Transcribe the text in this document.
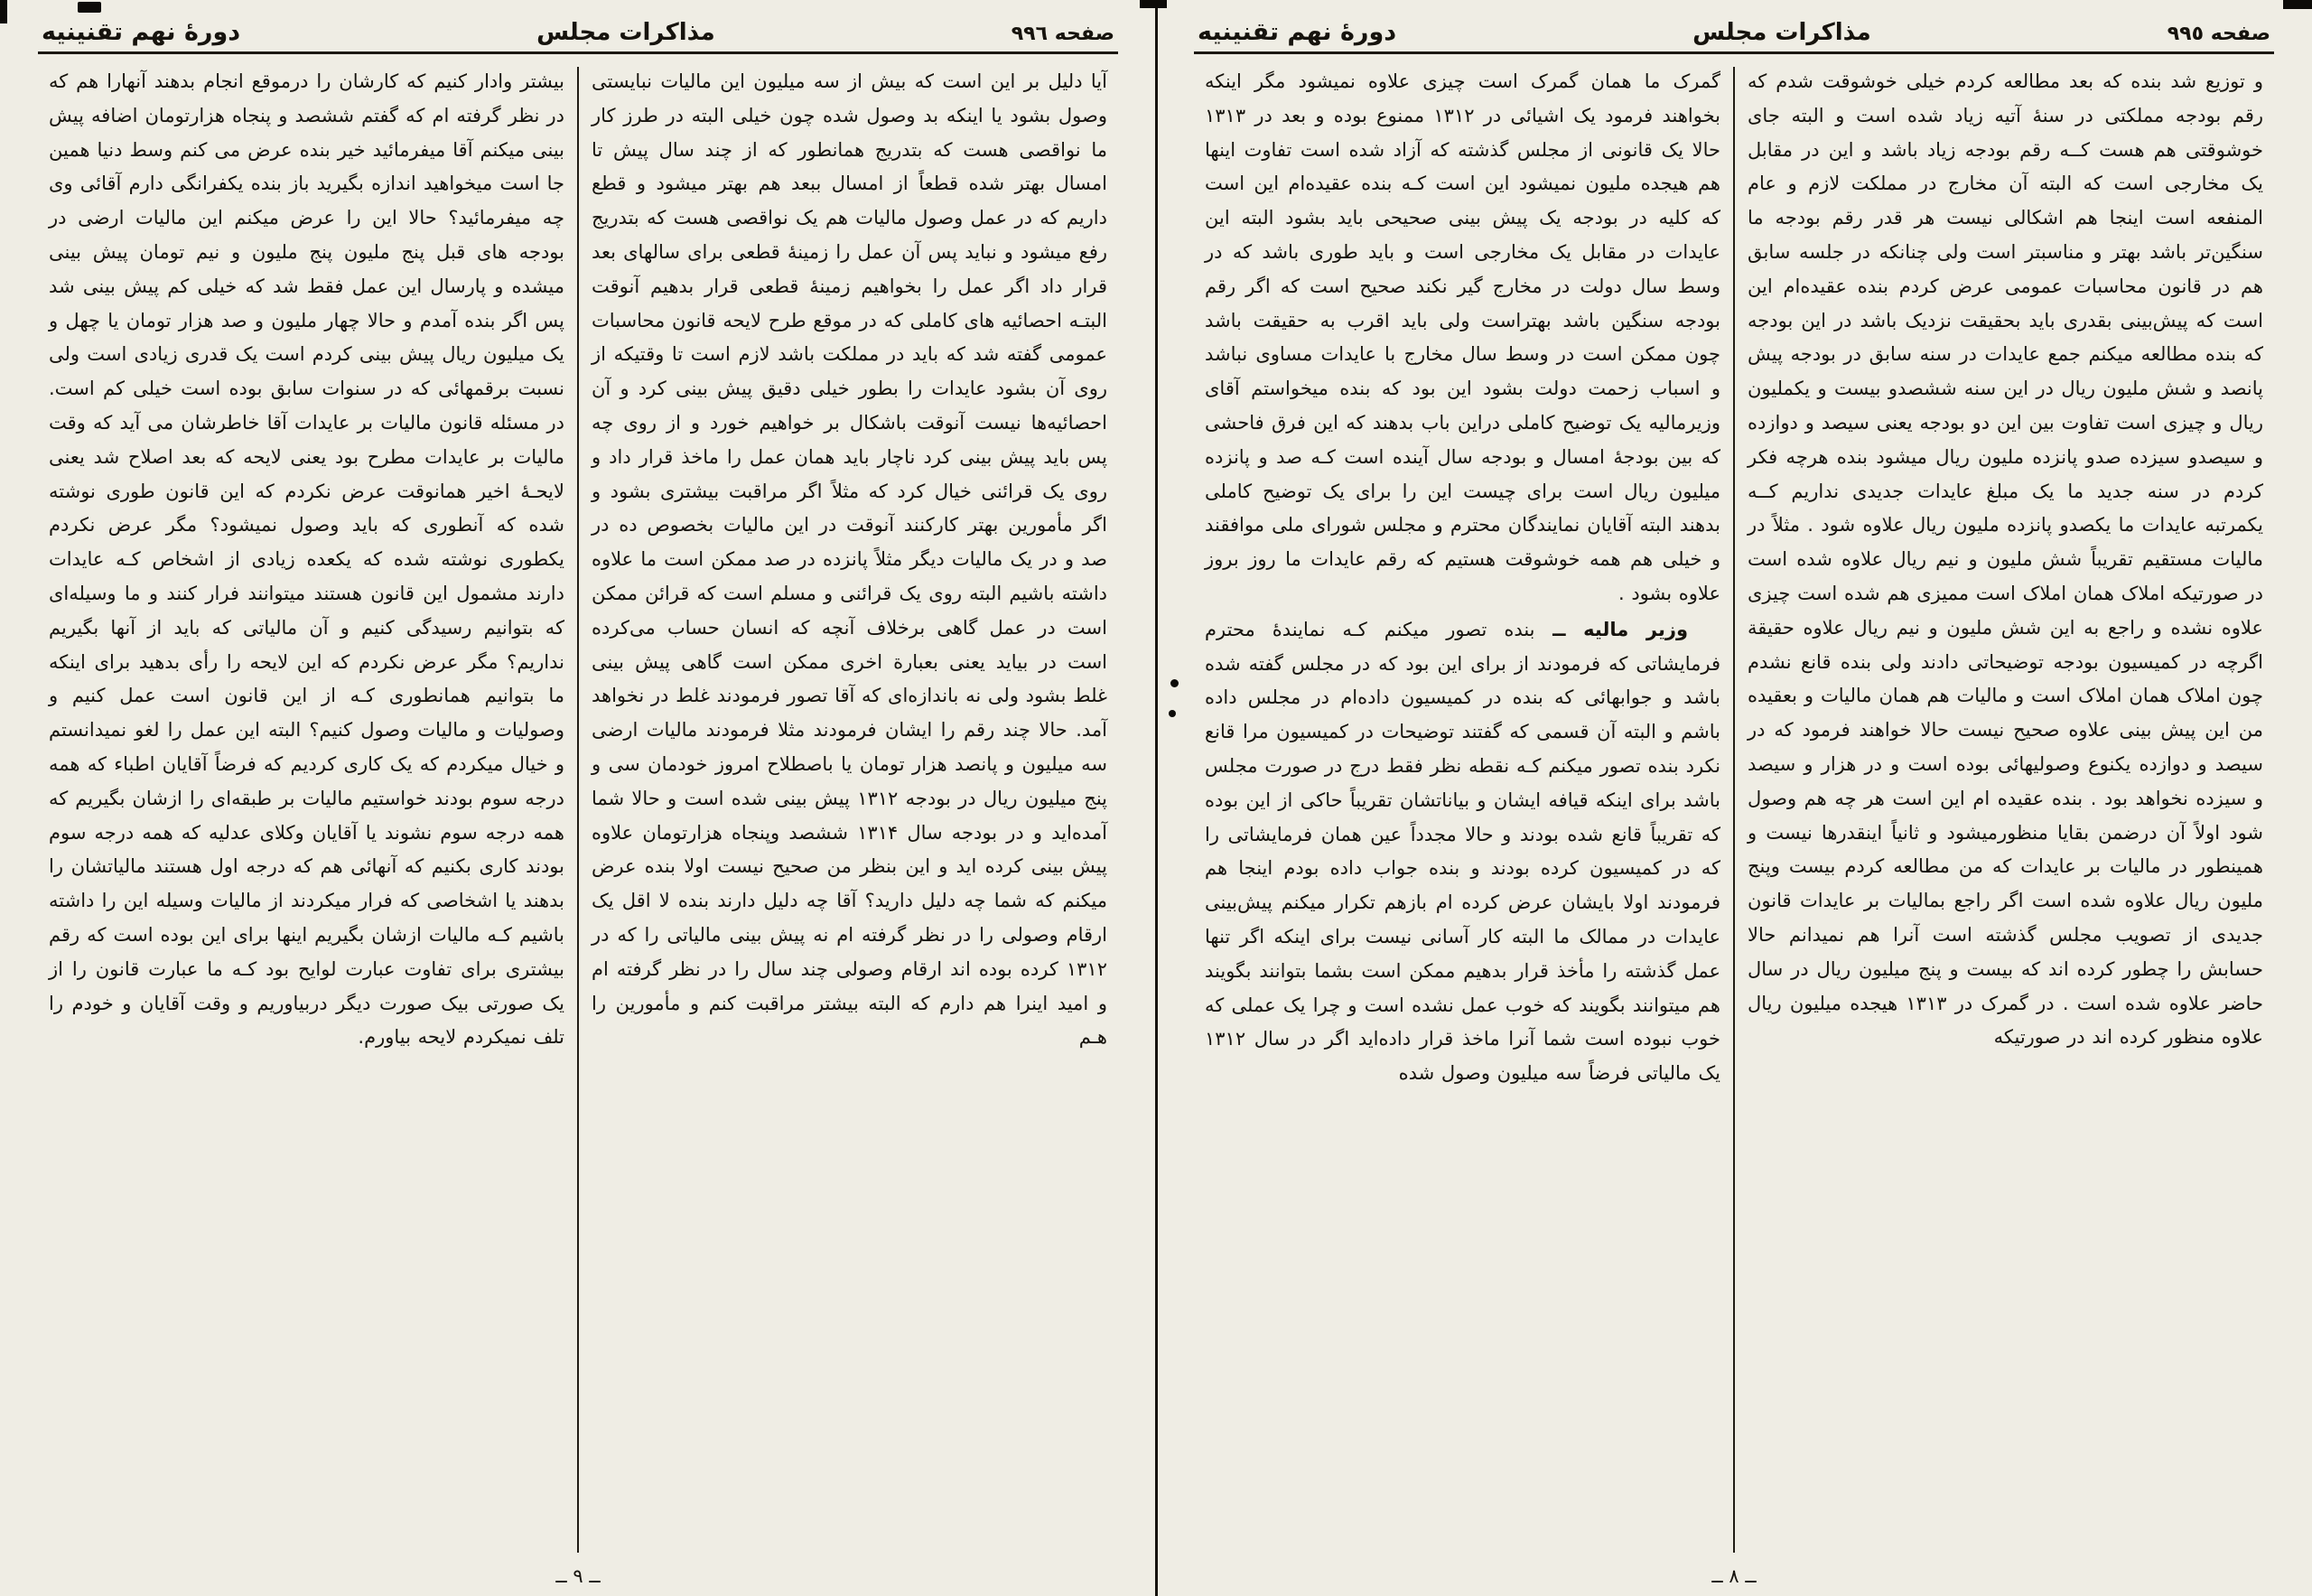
صفحه ٩٩٦
مذاکرات مجلس
دورهٔ نهم تقنینیه

آیا دلیل بر این است که بیش از سه میلیون این مالیات نبایستی وصول بشود یا اینکه بد وصول شده چون خیلی البته در طرز کار ما نواقصی هست که بتدریج همانطور که از چند سال پیش تا امسال بهتر شده قطعاً از امسال ببعد هم بهتر میشود و قطع داریم که در عمل وصول مالیات هم یک نواقصی هست که بتدریج رفع میشود و نباید پس آن عمل را زمینهٔ قطعی برای سالهای بعد قرار داد اگر عمل را بخواهیم زمینهٔ قطعی قرار بدهیم آنوقت البتـه احصائیه های کاملی که در موقع طرح لایحه قانون محاسبات عمومی گفته شد که باید در مملکت باشد لازم است تا وقتیکه از روی آن بشود عایدات را بطور خیلی دقیق پیش بینی کرد و آن احصائیه‌ها نیست آنوقت باشکال بر خواهیم خورد و از روی چه پس باید پیش بینی کرد ناچار باید همان عمل را ماخذ قرار داد و روی یک قرائنی خیال کرد که مثلاً اگر مراقبت بیشتری بشود و اگر مأمورین بهتر کارکنند آنوقت در این مالیات بخصوص ده در صد و در یک مالیات دیگر مثلاً پانزده در صد ممکن است ما علاوه داشته باشیم البته روی یک قرائنی و مسلم است که قرائن ممکن است در عمل گاهی برخلاف آنچه که انسان حساب می‌کرده است در بیاید یعنی بعبارة اخری ممکن است گاهی پیش بینی غلط بشود ولی نه باندازه‌ای که آقا تصور فرمودند غلط در نخواهد آمد. حالا چند رقم را ایشان فرمودند مثلا فرمودند مالیات ارضی سه میلیون و پانصد هزار تومان یا باصطلاح امروز خودمان سی و پنج میلیون ریال در بودجه ۱۳۱۲ پیش بینی شده است و حالا شما آمده‌اید و در بودجه سال ۱۳۱۴ ششصد وپنجاه هزارتومان علاوه پیش بینی کرده اید و این بنظر من صحیح نیست اولا بنده عرض میکنم که شما چه دلیل دارید؟ آقا چه دلیل دارند بنده لا اقل یک ارقام وصولی را در نظر گرفته ام نه پیش بینی مالیاتی را که در ۱۳۱۲ کرده بوده اند ارقام وصولی چند سال را در نظر گرفته ام و امید اینرا هم دارم که البته بیشتر مراقبت کنم و مأمورین را هـم

بیشتر وادار کنیم که کارشان را درموقع انجام بدهند آنهارا هم که در نظر گرفته ام که گفتم ششصد و پنجاه هزارتومان اضافه پیش بینی میکنم آقا میفرمائید خیر بنده عرض می کنم وسط دنیا همین جا است میخواهید اندازه بگیرید باز بنده یکفرانگی دارم آقائی وی چه میفرمائید؟ حالا این را عرض میکنم این مالیات ارضی در بودجه های قبل پنج ملیون پنج ملیون و نیم تومان پیش بینی میشده و پارسال این عمل فقط شد که خیلی کم پیش بینی شد پس اگر بنده آمدم و حالا چهار ملیون و صد هزار تومان یا چهل و یک میلیون ریال پیش بینی کردم است یک قدری زیادی است ولی نسبت برقمهائی که در سنوات سابق بوده است خیلی کم است. در مسئله قانون مالیات بر عایدات آقا خاطرشان می آید که وقت مالیات بر عایدات مطرح بود یعنی لایحه که بعد اصلاح شد یعنی لایحـهٔ اخیر همانوقت عرض نکردم که این قانون طوری نوشته شده که آنطوری که باید وصول نمیشود؟ مگر عرض نکردم یکطوری نوشته شده که یکعده زیادی از اشخاص کـه عایدات دارند مشمول این قانون هستند میتوانند فرار کنند و ما وسیله‌ای که بتوانیم رسیدگی کنیم و آن مالیاتی که باید از آنها بگیریم نداریم؟ مگر عرض نکردم که این لایحه را رأی بدهید برای اینکه ما بتوانیم همانطوری کـه از این قانون است عمل کنیم و وصولیات و مالیات وصول کنیم؟ البته این عمل را لغو نمیدانستم و خیال میکردم که یک کاری کردیم که فرضاً آقایان اطباء که همه درجه سوم بودند خواستیم مالیات بر طبقه‌ای را ازشان بگیریم که همه درجه سوم نشوند یا آقایان وکلای عدلیه که همه درجه سوم بودند کاری بکنیم که آنهائی هم که درجه اول هستند مالیاتشان را بدهند یا اشخاصی که فرار میکردند از مالیات وسیله این را داشته باشیم کـه مالیات ازشان بگیریم اینها برای این بوده است که رقم بیشتری برای تفاوت عبارت لوایح بود کـه ما عبارت قانون را از یک صورتی بیک صورت دیگر دربیاوریم و وقت آقایان و خودم را تلف نمیکردم لایحه بیاورم.

ــ ٩ ــ
صفحه ٩٩٥
مذاکرات مجلس
دورهٔ نهم تقنینیه

و توزیع شد بنده که بعد مطالعه کردم خیلی خوشوقت شدم که رقم بودجه مملکتی در سنهٔ آتیه زیاد شده است و البته جای خوشوقتی هم هست کــه رقم بودجه زیاد باشد و این در مقابل یک مخارجی است که البته آن مخارج در مملکت لازم و عام المنفعه است اینجا هم اشکالی نیست هر قدر رقم بودجه ما سنگین‌تر باشد بهتر و مناسبتر است ولی چنانکه در جلسه سابق هم در قانون محاسبات عمومی عرض کردم بنده عقیده‌ام این است که پیش‌بینی بقدری باید بحقیقت نزدیک باشد در این بودجه که بنده مطالعه میکنم جمع عایدات در سنه سابق در بودجه پیش پانصد و شش ملیون ریال در این سنه ششصدو بیست و یکملیون ریال و چیزی است تفاوت بین این دو بودجه یعنی سیصد و دوازده و سیصدو سیزده صدو پانزده ملیون ریال میشود بنده هرچه فکر کردم در سنه جدید ما یک مبلغ عایدات جدیدی نداریم کــه یکمرتبه عایدات ما یکصدو پانزده ملیون ریال علاوه شود . مثلاً در مالیات مستقیم تقریباً شش ملیون و نیم ریال علاوه شده است در صورتیکه املاک همان املاک است ممیزی هم شده است چیزی علاوه نشده و راجع به این شش ملیون و نیم ریال علاوه حقیقة اگرچه در کمیسیون بودجه توضیحاتی دادند ولی بنده قانع نشدم چون املاک همان املاک است و مالیات هم همان مالیات و بعقیده من این پیش بینی علاوه صحیح نیست حالا خواهند فرمود که در سیصد و دوازده یکنوع وصولیهائی بوده است و در هزار و سیصد و سیزده نخواهد بود . بنده عقیده ام این است هر چه هم وصول شود اولاً آن درضمن بقایا منظورمیشود و ثانیاً اینقدرها نیست و همینطور در مالیات بر عایدات که من مطالعه کردم بیست وپنج ملیون ریال علاوه شده است اگر راجع بمالیات بر عایدات قانون جدیدی از تصویب مجلس گذشته است آنرا هم نمیدانم حالا حسابش را چطور کرده اند که بیست و پنج میلیون ریال در سال حاضر علاوه شده است . در گمرک در ۱۳۱۳ هیجده میلیون ریال علاوه منظور کرده اند در صورتیکه

گمرک ما همان گمرک است چیزی علاوه نمیشود مگر اینکه بخواهند فرمود یک اشیائی در ۱۳۱۲ ممنوع بوده و بعد در ۱۳۱۳ حالا یک قانونی از مجلس گذشته که آزاد شده است تفاوت اینها هم هیجده ملیون نمیشود این است کـه بنده عقیده‌ام این است که کلیه در بودجه یک پیش بینی صحیحی باید بشود البته این عایدات در مقابل یک مخارجی است و باید طوری باشد که در وسط سال دولت در مخارج گیر نکند صحیح است که اگر رقم بودجه سنگین باشد بهتراست ولی باید اقرب به حقیقت باشد چون ممکن است در وسط سال مخارج با عایدات مساوی نباشد و اسباب زحمت دولت بشود این بود که بنده میخواستم آقای وزیرمالیه یک توضیح کاملی دراین باب بدهند که این فرق فاحشی که بین بودجهٔ امسال و بودجه سال آینده است کـه صد و پانزده میلیون ریال است برای چیست این را برای یک توضیح کاملی بدهند البته آقایان نمایندگان محترم و مجلس شورای ملی موافقند و خیلی هم همه خوشوقت هستیم که رقم عایدات ما روز بروز علاوه بشود .

وزیر مالیه ــ بنده تصور میکنم کـه نمایندهٔ محترم فرمایشاتی که فرمودند از برای این بود که در مجلس گفته شده باشد و جوابهائی که بنده در کمیسیون داده‌ام در مجلس داده باشم و البته آن قسمی که گفتند توضیحات در کمیسیون مرا قانع نکرد بنده تصور میکنم کـه نقطه نظر فقط درج در صورت مجلس باشد برای اینکه قیافه ایشان و بیاناتشان تقریباً حاکی از این بوده که تقریباً قانع شده بودند و حالا مجدداً عین همان فرمایشاتی را که در کمیسیون کرده بودند و بنده جواب داده بودم اینجا هم فرمودند اولا بایشان عرض کرده ام بازهم تکرار میکنم پیش‌بینی عایدات در ممالک ما البته کار آسانی نیست برای اینکه اگر تنها عمل گذشته را مأخذ قرار بدهیم ممکن است بشما بتوانند بگویند هم میتوانند بگویند که خوب عمل نشده است و چرا یک عملی که خوب نبوده است شما آنرا ماخذ قرار داده‌اید اگر در سال ۱۳۱۲ یک مالیاتی فرضاً سه میلیون وصول شده

ــ ٨ ــ
